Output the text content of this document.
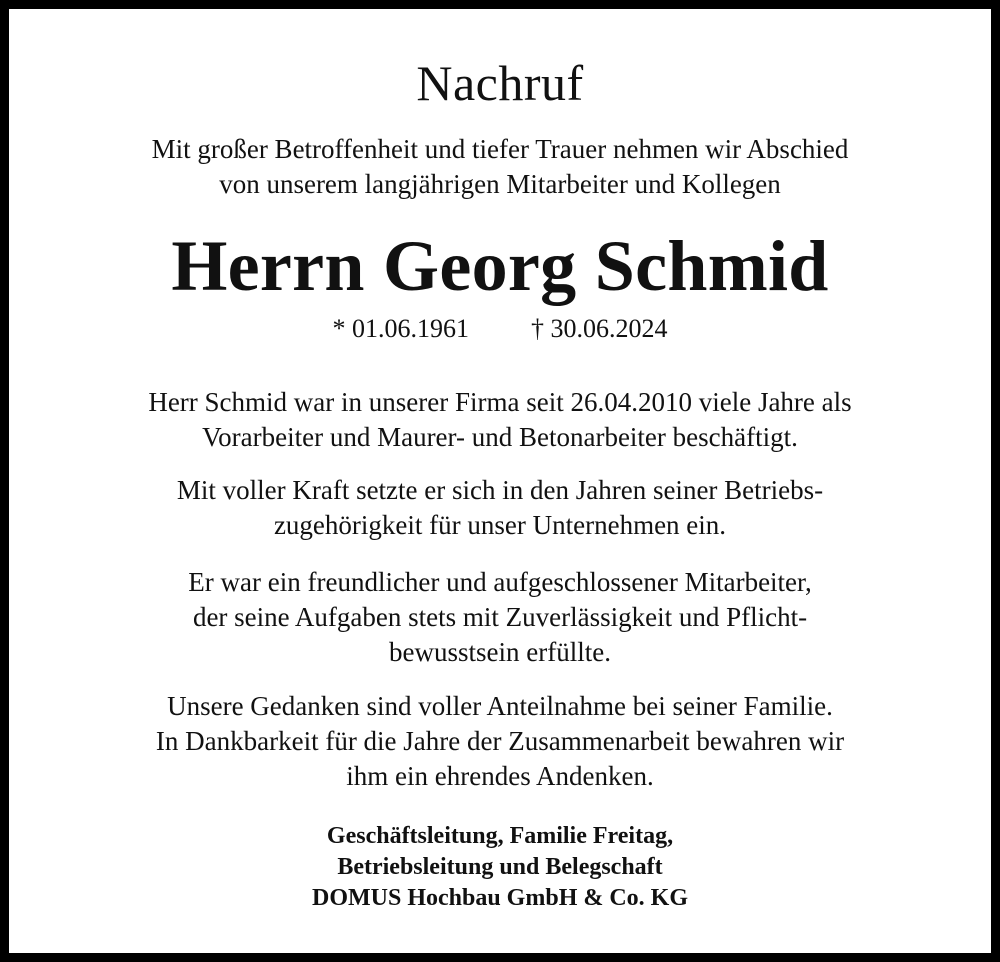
Nachruf
Mit großer Betroffenheit und tiefer Trauer nehmen wir Abschied
von unserem langjährigen Mitarbeiter und Kollegen
Herrn Georg Schmid
* 01.06.1961 † 30.06.2024
Herr Schmid war in unserer Firma seit 26.04.2010 viele Jahre als
Vorarbeiter und Maurer- und Betonarbeiter beschäftigt.
Mit voller Kraft setzte er sich in den Jahren seiner Betriebs-
zugehörigkeit für unser Unternehmen ein.
Er war ein freundlicher und aufgeschlossener Mitarbeiter,
der seine Aufgaben stets mit Zuverlässigkeit und Pflicht-
bewusstsein erfüllte.
Unsere Gedanken sind voller Anteilnahme bei seiner Familie.
In Dankbarkeit für die Jahre der Zusammenarbeit bewahren wir
ihm ein ehrendes Andenken.
Geschäftsleitung, Familie Freitag,
Betriebsleitung und Belegschaft
DOMUS Hochbau GmbH & Co. KG
